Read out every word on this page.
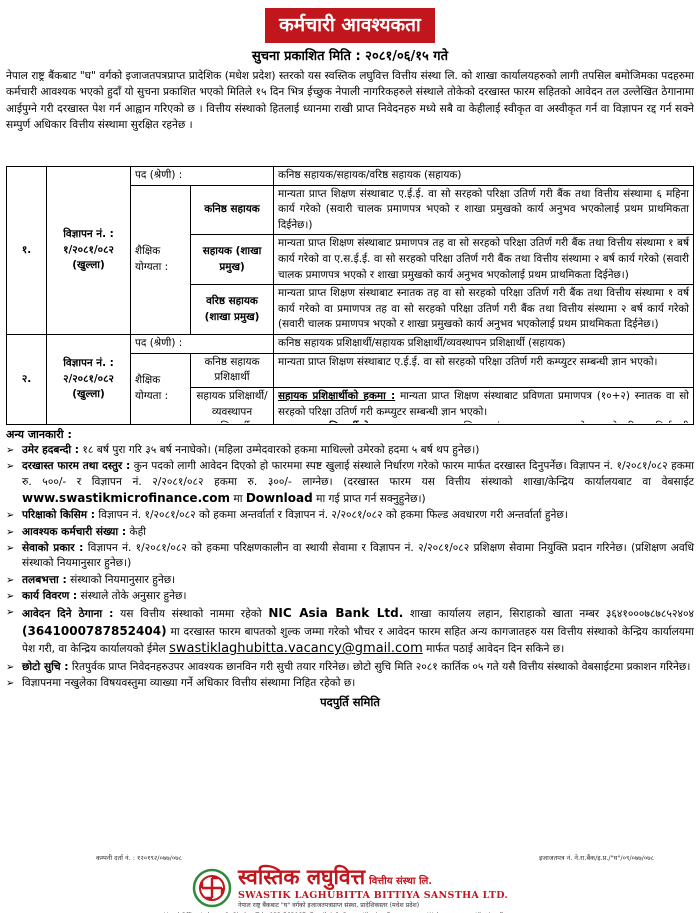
कर्मचारी आवश्यकता
सुचना प्रकाशित मिति : २०८१/०६/१५ गते
नेपाल राष्ट्र बैंकबाट "घ" वर्गको इजाजतपत्रप्राप्त प्रादेशिक (मधेश प्रदेश) स्तरको यस स्वस्तिक लघुवित्त वित्तीय संस्था लि. को शाखा कार्यालयहरुको लागी तपसिल बमोजिमका पदहरुमा कर्मचारी आवश्यक भएको हुदाँ यो सुचना प्रकाशित भएको मितिले १५ दिन भित्र ईच्छुक नेपाली नागरिकहरुले संस्थाले तोकेको दरखास्त फारम सहितको आवेदन तल उल्लेखित ठेगानामा आईपुग्ने गरी दरखास्त पेश गर्न आह्वान गरिएको छ । वित्तीय संस्थाको हितलाई ध्यानमा राखी प्राप्त निवेदनहरु मध्ये सबै वा केहीलाई स्वीकृत वा अस्वीकृत गर्न वा विज्ञापन रद्द गर्न सक्ने सम्पुर्ण अधिकार वित्तीय संस्थामा सुरक्षित रहनेछ ।
१.	विज्ञापन नं. : १/२०८१/०८२ (खुल्ला)	पद (श्रेणी) :		कनिष्ठ सहायक/सहायक/वरिष्ठ सहायक (सहायक)
		शैक्षिक योग्यता :	कनिष्ठ सहायक	मान्यता प्राप्त शिक्षण संस्थाबाट ए.ई.ई. वा सो सरहको परिक्षा उतिर्ण गरी बैंक तथा वित्तीय संस्थामा ६ महिना कार्य गरेको (सवारी चालक प्रमाणपत्र भएको र शाखा प्रमुखको कार्य अनुभव भएकोलाई प्रथम प्राथमिकता दिईनेछ।)
			सहायक (शाखा प्रमुख)	मान्यता प्राप्त शिक्षण संस्थाबाट प्रमाणपत्र तह वा सो सरहको परिक्षा उतिर्ण गरी बैंक तथा वित्तीय संस्थामा १ बर्ष कार्य गरेको वा ए.स.ई.ई. वा सो सरहको परिक्षा उतिर्ण गरी बैंक तथा वित्तीय संस्थामा २ बर्ष कार्य गरेको (सवारी चालक प्रमाणपत्र भएको र शाखा प्रमुखको कार्य अनुभव भएकोलाई प्रथम प्राथमिकता दिईनेछ।)
			वरिष्ठ सहायक (शाखा प्रमुख)	मान्यता प्राप्त शिक्षण संस्थाबाट स्नातक तह वा सो सरहको परिक्षा उतिर्ण गरी बैंक तथा वित्तीय संस्थामा १ वर्ष कार्य गरेको वा प्रमाणपत्र तह वा सो सरहको परिक्षा उतिर्ण गरी बैंक तथा वित्तीय संस्थामा २ बर्ष कार्य गरेको (सवारी चालक प्रमाणपत्र भएको र शाखा प्रमुखको कार्य अनुभव भएकोलाई प्रथम प्राथमिकता दिईनेछ।)
२.	विज्ञापन नं. : २/२०८१/०८२ (खुल्ला)	पद (श्रेणी) :		कनिष्ठ सहायक प्रशिक्षार्थी/सहायक प्रशिक्षार्थी/व्यवस्थापन प्रशिक्षार्थी (सहायक)
		शैक्षिक योग्यता :	कनिष्ठ सहायक प्रशिक्षार्थी	मान्यता प्राप्त शिक्षण संस्थाबाट ए.ई.ई. वा सो सरहको परिक्षा उतिर्ण गरी कम्प्युटर सम्बन्धी ज्ञान भएको।

			सहायक प्रशिक्षार्थी/ व्यवस्थापन	सहायक प्रशिक्षार्थीको हकमा : मान्यता प्राप्त शिक्षण संस्थाबाट प्रविणता प्रमाणपत्र (१०+२) स्नातक वा सो सरहको परिक्षा उतिर्ण गरी कम्प्युटर सम्बन्धी ज्ञान भएको।

अन्य जानकारी :
➢ उमेर हदबन्दी : १८ बर्ष पुरा गरि ३५ बर्ष ननाघेको। (महिला उम्मेदवारको हकमा माथिल्लो उमेरको हदमा ५ बर्ष थप हुनेछ।)
➢ दरखास्त फारम तथा दस्तुर : कुन पदको लागी आवेदन दिएको हो फारममा स्पष्ट खुलाई संस्थाले निर्धारण गरेको फारम मार्फत दरखास्त दिनुपर्नेछ। विज्ञापन नं. १/२०८१/०८२ हकमा रु. ५००/- र विज्ञापन नं. २/२०८१/०८२ हकमा रु. ३००/- लाग्नेछ। (दरखास्त फारम यस वित्तीय संस्थाको शाखा/केन्द्रिय कार्यालयबाट वा वेबसाईट www.swastikmicrofinance.com मा Download मा गई प्राप्त गर्न सक्नुहुनेछ।)
➢ परिक्षाको किसिम : विज्ञापन नं. १/२०८१/०८२ को हकमा अन्तर्वार्ता र विज्ञापन नं. २/२०८१/०८२ को हकमा फिल्ड अवधारण गरी अन्तर्वार्ता हुनेछ।
➢ आवश्यक कर्मचारी संख्या : केही
➢ सेवाको प्रकार : विज्ञापन नं. १/२०८१/०८२ को हकमा परिक्षणकालीन वा स्थायी सेवामा र विज्ञापन नं. २/२०८१/०८२ प्रशिक्षण सेवामा नियुक्ति प्रदान गरिनेछ। (प्रशिक्षण अवधि संस्थाको नियमानुसार हुनेछ।)
➢ तलबभत्ता : संस्थाको नियमानुसार हुनेछ।
➢ कार्य विवरण : संस्थाले तोके अनुसार हुनेछ।
➢ आवेदन दिने ठेगाना : यस वित्तीय संस्थाको नाममा रहेको NIC Asia Bank Ltd. शाखा कार्यालय लहान, सिराहाको खाता नम्बर ३६४१०००७८७८५२४०४ (3641000787852404) मा दरखास्त फारम बापतको शुल्क जम्मा गरेको भौचर र आवेदन फारम सहित अन्य कागजातहरु यस वित्तीय संस्थाको केन्द्रिय कार्यालयमा पेश गरी, वा केन्द्रिय कार्यालयको ईमेल swastiklaghubitta.vacancy@gmail.com मार्फत पठाई आवेदन दिन सकिने छ।
➢ छोटो सुचि : रितपुर्वक प्राप्त निवेदनहरुउपर आवश्यक छानविन गरी सुची तयार गरिनेछ। छोटो सुचि मिति २०८१ कार्तिक ०५ गते यसै वित्तीय संस्थाको वेबसाईटमा प्रकाशन गरिनेछ।
➢ विज्ञापनमा नखुलेका विषयवस्तुमा व्याख्या गर्ने अधिकार वित्तीय संस्थामा निहित रहेको छ।
पदपुर्ति समिति
कम्पनी दर्ता नं. : १२०१९२/०७७/०७८	इजाजतपत्र नं. ने.रा.बैंक/इ.प्र./"घ"/०९/०७७/०७८
स्वस्तिक लघुवित्त वित्तीय संस्था लि.
SWASTIK LAGHUBITTA BITTIYA SANSTHA LTD.
नेपाल राष्ट्र बैंकबाट "घ" वर्गको इजाजतपत्रप्राप्त संस्था, प्रादेशिकस्तर (मधेश प्रदेश)
